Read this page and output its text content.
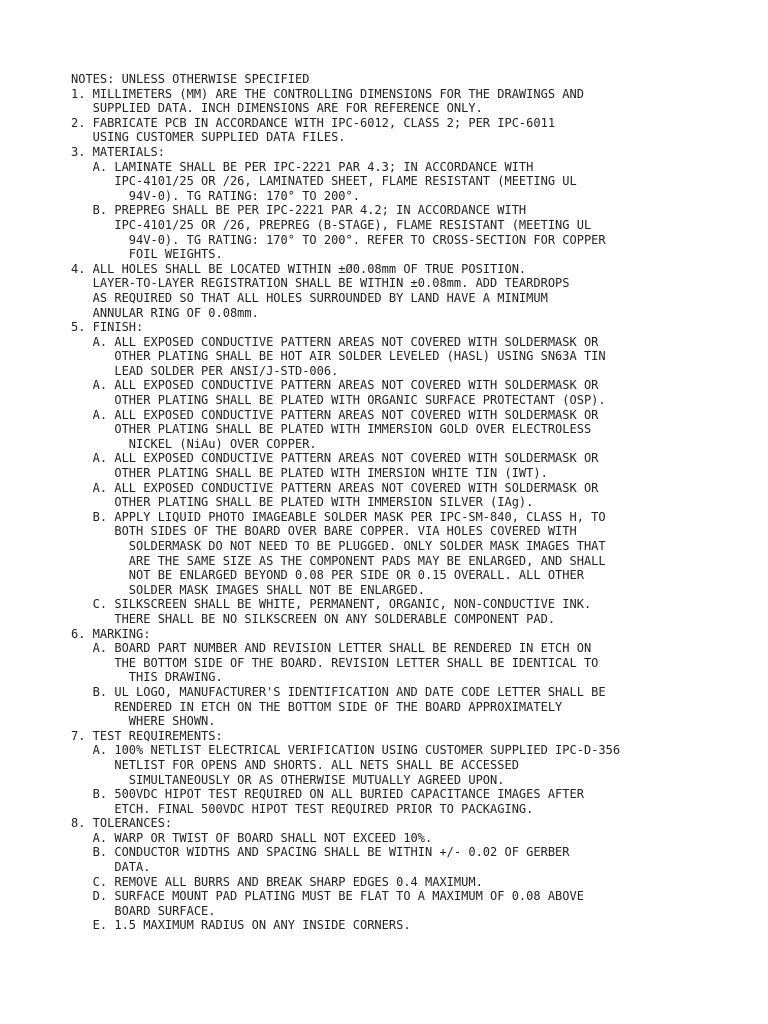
NOTES: UNLESS OTHERWISE SPECIFIED
1. MILLIMETERS (MM) ARE THE CONTROLLING DIMENSIONS FOR THE DRAWINGS AND
SUPPLIED DATA. INCH DIMENSIONS ARE FOR REFERENCE ONLY.
2. FABRICATE PCB IN ACCORDANCE WITH IPC-6012, CLASS 2; PER IPC-6011
USING CUSTOMER SUPPLIED DATA FILES.
3. MATERIALS:
A. LAMINATE SHALL BE PER IPC-2221 PAR 4.3; IN ACCORDANCE WITH
IPC-4101/25 OR /26, LAMINATED SHEET, FLAME RESISTANT (MEETING UL
94V-0). TG RATING: 170° TO 200°.
B. PREPREG SHALL BE PER IPC-2221 PAR 4.2; IN ACCORDANCE WITH
IPC-4101/25 OR /26, PREPREG (B-STAGE), FLAME RESISTANT (MEETING UL
94V-0). TG RATING: 170° TO 200°. REFER TO CROSS-SECTION FOR COPPER
FOIL WEIGHTS.
4. ALL HOLES SHALL BE LOCATED WITHIN ±Ø0.08mm OF TRUE POSITION.
LAYER-TO-LAYER REGISTRATION SHALL BE WITHIN ±0.08mm. ADD TEARDROPS
AS REQUIRED SO THAT ALL HOLES SURROUNDED BY LAND HAVE A MINIMUM
ANNULAR RING OF 0.08mm.
5. FINISH:
A. ALL EXPOSED CONDUCTIVE PATTERN AREAS NOT COVERED WITH SOLDERMASK OR
OTHER PLATING SHALL BE HOT AIR SOLDER LEVELED (HASL) USING SN63A TIN
LEAD SOLDER PER ANSI/J-STD-006.
A. ALL EXPOSED CONDUCTIVE PATTERN AREAS NOT COVERED WITH SOLDERMASK OR
OTHER PLATING SHALL BE PLATED WITH ORGANIC SURFACE PROTECTANT (OSP).
A. ALL EXPOSED CONDUCTIVE PATTERN AREAS NOT COVERED WITH SOLDERMASK OR
OTHER PLATING SHALL BE PLATED WITH IMMERSION GOLD OVER ELECTROLESS
NICKEL (NiAu) OVER COPPER.
A. ALL EXPOSED CONDUCTIVE PATTERN AREAS NOT COVERED WITH SOLDERMASK OR
OTHER PLATING SHALL BE PLATED WITH IMERSION WHITE TIN (IWT).
A. ALL EXPOSED CONDUCTIVE PATTERN AREAS NOT COVERED WITH SOLDERMASK OR
OTHER PLATING SHALL BE PLATED WITH IMMERSION SILVER (IAg).
B. APPLY LIQUID PHOTO IMAGEABLE SOLDER MASK PER IPC-SM-840, CLASS H, TO
BOTH SIDES OF THE BOARD OVER BARE COPPER. VIA HOLES COVERED WITH
SOLDERMASK DO NOT NEED TO BE PLUGGED. ONLY SOLDER MASK IMAGES THAT
ARE THE SAME SIZE AS THE COMPONENT PADS MAY BE ENLARGED, AND SHALL
NOT BE ENLARGED BEYOND 0.08 PER SIDE OR 0.15 OVERALL. ALL OTHER
SOLDER MASK IMAGES SHALL NOT BE ENLARGED.
C. SILKSCREEN SHALL BE WHITE, PERMANENT, ORGANIC, NON-CONDUCTIVE INK.
THERE SHALL BE NO SILKSCREEN ON ANY SOLDERABLE COMPONENT PAD.
6. MARKING:
A. BOARD PART NUMBER AND REVISION LETTER SHALL BE RENDERED IN ETCH ON
THE BOTTOM SIDE OF THE BOARD. REVISION LETTER SHALL BE IDENTICAL TO
THIS DRAWING.
B. UL LOGO, MANUFACTURER'S IDENTIFICATION AND DATE CODE LETTER SHALL BE
RENDERED IN ETCH ON THE BOTTOM SIDE OF THE BOARD APPROXIMATELY
WHERE SHOWN.
7. TEST REQUIREMENTS:
A. 100% NETLIST ELECTRICAL VERIFICATION USING CUSTOMER SUPPLIED IPC-D-356
NETLIST FOR OPENS AND SHORTS. ALL NETS SHALL BE ACCESSED
SIMULTANEOUSLY OR AS OTHERWISE MUTUALLY AGREED UPON.
B. 500VDC HIPOT TEST REQUIRED ON ALL BURIED CAPACITANCE IMAGES AFTER
ETCH. FINAL 500VDC HIPOT TEST REQUIRED PRIOR TO PACKAGING.
8. TOLERANCES:
A. WARP OR TWIST OF BOARD SHALL NOT EXCEED 10%.
B. CONDUCTOR WIDTHS AND SPACING SHALL BE WITHIN +/- 0.02 OF GERBER
DATA.
C. REMOVE ALL BURRS AND BREAK SHARP EDGES 0.4 MAXIMUM.
D. SURFACE MOUNT PAD PLATING MUST BE FLAT TO A MAXIMUM OF 0.08 ABOVE
BOARD SURFACE.
E. 1.5 MAXIMUM RADIUS ON ANY INSIDE CORNERS.
